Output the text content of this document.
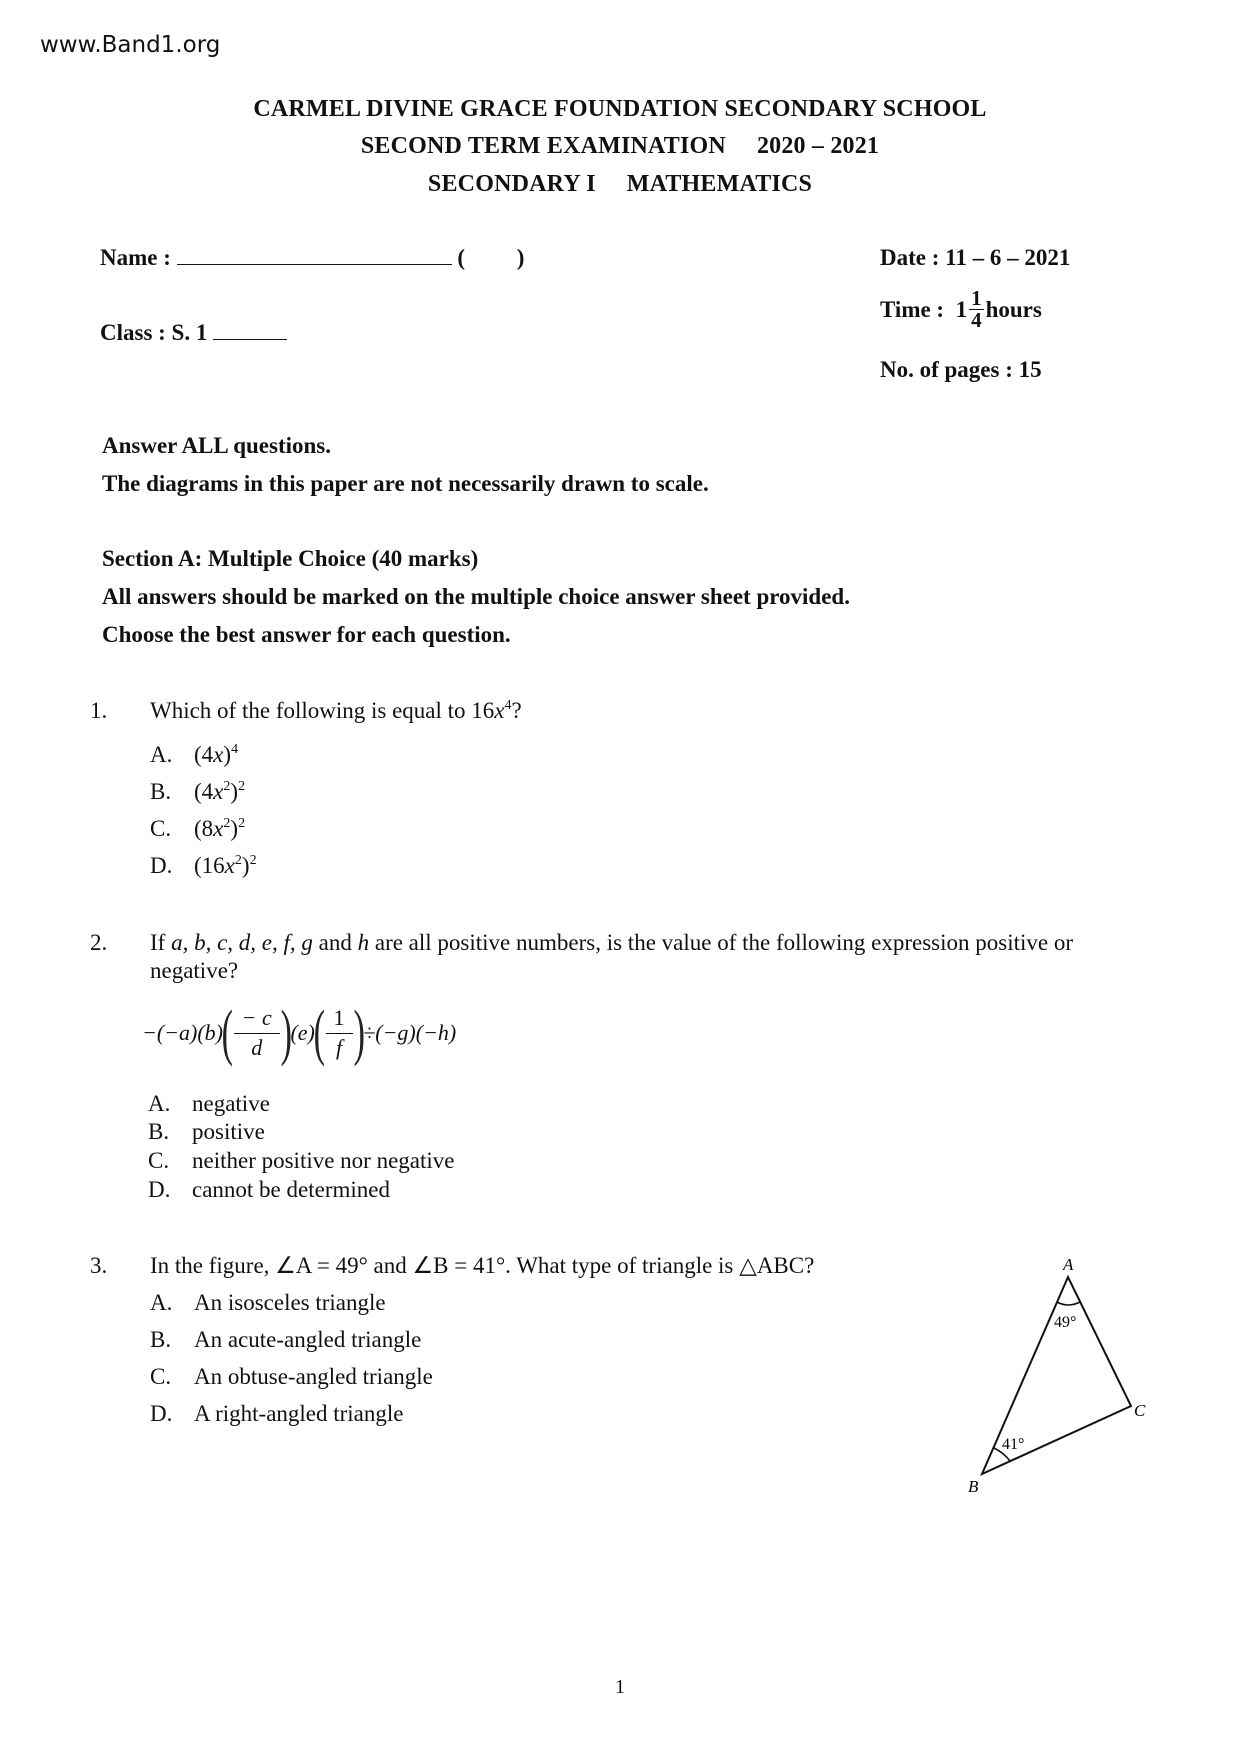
www.Band1.org
CARMEL DIVINE GRACE FOUNDATION SECONDARY SCHOOL
SECOND TERM EXAMINATION 2020 – 2021
SECONDARY I MATHEMATICS
Name :	(         )
Class : S. 1
Date : 11 – 6 – 2021
Time :
$1 \frac{1}{4}$ hours
No. of pages : 15
Answer ALL questions.
The diagrams in this paper are not necessarily drawn to scale.
Section A: Multiple Choice (40 marks)
All answers should be marked on the multiple choice answer sheet provided.
Choose the best answer for each question.
1. Which of the following is equal to $16x^4$?
A. $(4x)^4$
B. $(4x^2)^2$
C. $(8x^2)^2$
D. $(16x^2)^2$
2. If a, b, c, d, e, f, g and h are all positive numbers, is the value of the following expression positive or
negative?
−(−a)(b)
( $\frac{- c}{d}$ )
(e)
( $\frac{1}{f}$ )
÷(−g)(−h)
A. negative
B. positive
C. neither positive nor negative
D. cannot be determined
3. In the figure, ∠A = 49° and ∠B = 41°. What type of triangle is △ABC?
A. An isosceles triangle
B. An acute-angled triangle
C. An obtuse-angled triangle
D. A right-angled triangle
A
B
C
49°
41°
1
